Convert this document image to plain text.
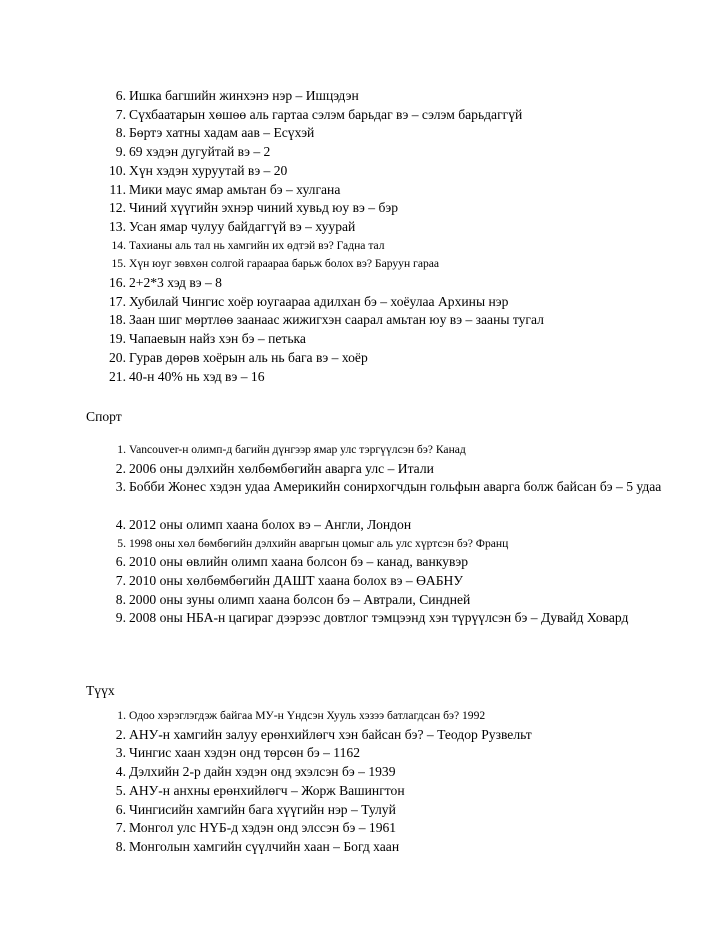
6. Ишка багшийн жинхэнэ нэр – Ишцэдэн
7. Сүхбаатарын хөшөө аль гартаа сэлэм барьдаг вэ – сэлэм барьдаггүй
8. Бөртэ хатны хадам аав – Есүхэй
9. 69 хэдэн дугуйтай вэ – 2
10. Хүн хэдэн хуруутай вэ – 20
11. Мики маус ямар амьтан бэ – хулгана
12. Чиний хүүгийн эхнэр чиний хувьд юу вэ – бэр
13. Усан ямар чулуу байдаггүй вэ – хуурай
14. Тахианы аль тал нь хамгийн их өдтэй вэ? Гадна тал
15. Хүн юуг зөвхөн солгой гараараа барьж болох вэ? Баруун гараа
16. 2+2*3 хэд вэ – 8
17. Хубилай Чингис хоёр юугаараа адилхан бэ – хоёулаа Архины нэр
18. Заан шиг мөртлөө заанаас жижигхэн саарал амьтан юу вэ – зааны тугал
19. Чапаевын найз хэн бэ – петька
20. Гурав дөрөв хоёрын аль нь бага вэ – хоёр
21. 40-н 40% нь хэд вэ – 16
Спорт
1. Vancouver-н олимп-д багийн дүнгээр ямар улс тэргүүлсэн бэ? Канад
2. 2006 оны дэлхийн хөлбөмбөгийн аварга улс – Итали
3. Бобби Жонес хэдэн удаа Америкийн сонирхогчдын гольфын аварга болж байсан бэ – 5 удаа
4. 2012 оны олимп хаана болох вэ – Англи, Лондон
5. 1998 оны хөл бөмбөгийн дэлхийн аваргын цомыг аль улс хүртсэн бэ? Франц
6. 2010 оны өвлийн олимп хаана болсон бэ – канад, ванкувэр
7. 2010 оны хөлбөмбөгийн ДАШТ хаана болох вэ – ӨАБНУ
8. 2000 оны зуны олимп хаана болсон бэ – Автрали, Синдней
9. 2008 оны НБА-н цагираг дээрээс довтлог тэмцээнд хэн түрүүлсэн бэ – Дувайд Ховард
Түүх
1. Одоо хэрэглэгдэж байгаа МУ-н Үндсэн Хууль хэзээ батлагдсан бэ? 1992
2. АНУ-н хамгийн залуу ерөнхийлөгч хэн байсан бэ? – Теодор Рузвельт
3. Чингис хаан хэдэн онд төрсөн бэ – 1162
4. Дэлхийн 2-р дайн хэдэн онд эхэлсэн бэ – 1939
5. АНУ-н анхны ерөнхийлөгч – Жорж Вашингтон
6. Чингисийн хамгийн бага хүүгийн нэр – Тулуй
7. Монгол улс НҮБ-д хэдэн онд элссэн бэ – 1961
8. Монголын хамгийн сүүлчийн хаан – Богд хаан
